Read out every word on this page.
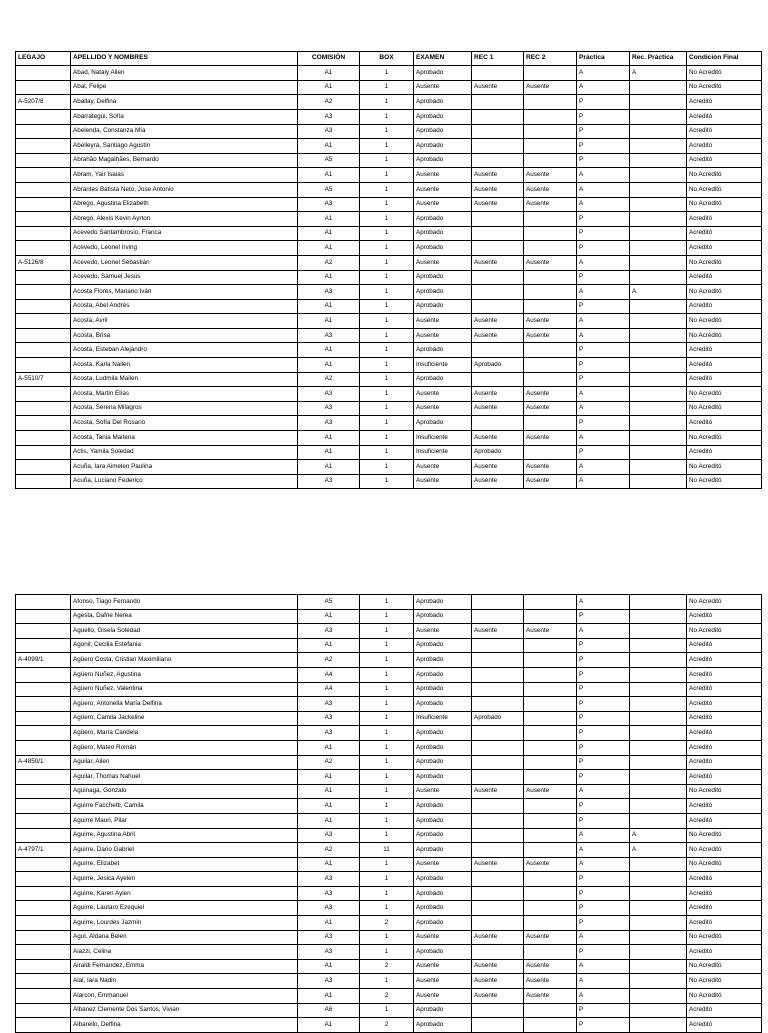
LEGAJO	APELLIDO Y NOMBRES	COMISIÓN	BOX	EXAMEN	REC 1	REC 2	Práctica	Rec. Práctica	Condición Final
	Abad, Nataly Ailen	A1	1	Aprobado			A	A	No Acreditó
	Abal, Felipe	A1	1	Ausente	Ausente	Ausente	A		No Acreditó
A-5207/8	Aballay, Delfina	A2	1	Aprobado			P		Acreditó
	Abarrategui, Sofía	A3	1	Aprobado			P		Acreditó
	Abelenda, Constanza Mía	A3	1	Aprobado			P		Acreditó
	Abelleyra, Santiago Agustín	A1	1	Aprobado			P		Acreditó
	Abrahão Magalhães, Bernardo	A5	1	Aprobado			P		Acreditó
	Abram, Yair Isaias	A1	1	Ausente	Ausente	Ausente	A		No Acreditó
	Abrantes Batista Neto, Jose Antonio	A5	1	Ausente	Ausente	Ausente	A		No Acreditó
	Abrego, Agustina Elizabeth	A3	1	Ausente	Ausente	Ausente	A		No Acreditó
	Abregó, Alexis Kevin Ayrton	A1	1	Aprobado			P		Acreditó
	Acevedo Santambrosio, Franca	A1	1	Aprobado			P		Acreditó
	Acevedo, Leonel Irving	A1	1	Aprobado			P		Acreditó
A-5126/8	Acevedo, Leonel Sebastián	A2	1	Ausente	Ausente	Ausente	A		No Acreditó
	Acevedo, Samuel Jesús	A1	1	Aprobado			P		Acreditó
	Acosta Flores, Mariano Iván	A3	1	Aprobado			A	A	No Acreditó
	Acosta, Abel Andrés	A1	1	Aprobado			P		Acreditó
	Acosta, Avril	A1	1	Ausente	Ausente	Ausente	A		No Acreditó
	Acosta, Brisa	A3	1	Ausente	Ausente	Ausente	A		No Acreditó
	Acosta, Esteban Alejandro	A1	1	Aprobado			P		Acreditó
	Acosta, Karla Nailen	A1	1	Insuficiente	Aprobado		P		Acreditó
A-5510/7	Acosta, Ludmila Mailen	A2	1	Aprobado			P		Acreditó
	Acosta, Martin Elías	A3	1	Ausente	Ausente	Ausente	A		No Acreditó
	Acosta, Serena Milagros	A3	1	Ausente	Ausente	Ausente	A		No Acreditó
	Acosta, Sofía Del Rosario	A3	1	Aprobado			P		Acreditó
	Acosta, Tania Maitena	A1	1	Insuficiente	Ausente	Ausente	A		No Acreditó
	Actis, Yamila Soledad	A1	1	Insuficiente	Aprobado		P		Acreditó
	Acuña, Iara Aimelen Paulina	A1	1	Ausente	Ausente	Ausente	A		No Acreditó
	Acuña, Luciano Federico	A3	1	Ausente	Ausente	Ausente	A		No Acreditó
	Afonso, Tiago Fernando	A5	1	Aprobado			A		No Acreditó
	Agesta, Dafne Nerea	A1	1	Aprobado			P		Acreditó
	Aguello, Gisela Soledad	A3	1	Ausente	Ausente	Ausente	A		No Acreditó
	Agonil, Cecilia Estefania	A1	1	Aprobado			P		Acreditó
A-4099/1	Agüero Costa, Cristian Maximiliano	A2	1	Aprobado			P		Acreditó
	Agüero Nuñez, Agustina	A4	1	Aprobado			P		Acreditó
	Agüero Nuñez, Valentina	A4	1	Aprobado			P		Acreditó
	Agüero, Antonella María Delfina	A3	1	Aprobado			P		Acreditó
	Agüero, Camila Jackeline	A3	1	Insuficiente	Aprobado		P		Acreditó
	Agüero, María Candela	A3	1	Aprobado			P		Acreditó
	Agüero, Mateo Román	A1	1	Aprobado			P		Acreditó
A-4850/1	Aguilar, Ailen	A2	1	Aprobado			P		Acreditó
	Aguilar, Thomas Nahuel	A1	1	Aprobado			P		Acreditó
	Aguinaga, Gonzalo	A1	1	Ausente	Ausente	Ausente	A		No Acreditó
	Aguirre Facchetti, Camila	A1	1	Aprobado			P		Acreditó
	Aguirre Mauri, Pilar	A1	1	Aprobado			P		Acreditó
	Aguirre, Agustina Abril	A3	1	Aprobado			A	A	No Acreditó
A-4797/1	Aguirre, Dario Gabriel	A2	11	Aprobado			A	A	No Acreditó
	Aguirre, Elizabet	A1	1	Ausente	Ausente	Ausente	A		No Acreditó
	Aguirre, Jesica Ayelen	A3	1	Aprobado			P		Acreditó
	Aguirre, Karen Aylen	A3	1	Aprobado			P		Acreditó
	Aguirre, Lautaro Ezequiel	A3	1	Aprobado			P		Acreditó
	Aguirre, Lourdes Jazmin	A1	2	Aprobado			P		Acreditó
	Agut, Aldana Belen	A3	1	Ausente	Ausente	Ausente	A		No Acreditó
	Aiazzi, Celina	A3	1	Aprobado			P		Acreditó
	Airaldi Fernandez, Emma	A1	2	Ausente	Ausente	Ausente	A		No Acreditó
	Alal, Iara Nadin	A3	1	Ausente	Ausente	Ausente	A		No Acreditó
	Alarcon, Emmanuel	A1	2	Ausente	Ausente	Ausente	A		No Acreditó
	Albanez Clemente Dos Santos, Vivian	A6	1	Aprobado			P		Acreditó
	Albarello, Delfina	A1	2	Aprobado			P		Acreditó
